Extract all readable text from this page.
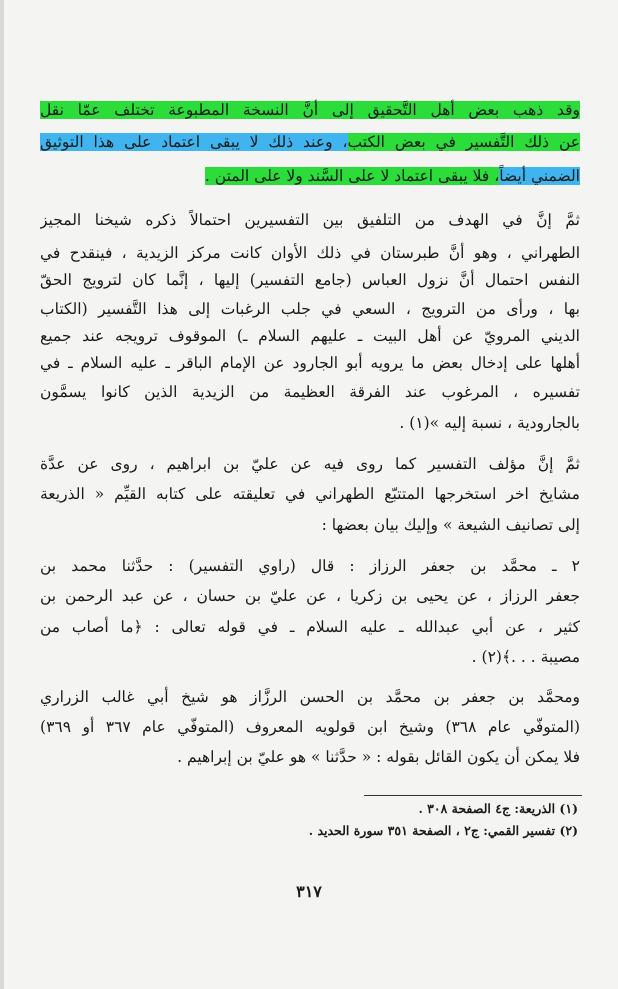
وقد ذهب بعض أهل التَّحقيق إلى أنَّ النسخة المطبوعة تختلف عمّا نقل
عن ذلك التَّفسير في بعض الكتب، وعند ذلك لا يبقى اعتماد على هذا التوثيق
الضمني أيضاً، فلا يبقى اعتماد لا على السَّند ولا على المتن .
ثمَّ إنَّ في الهدف من التلفيق بين التفسيرين احتمالاً ذكره شيخنا المجيز
الطهراني ، وهو أنَّ طبرستان في ذلك الأوان كانت مركز الزيدية ، فينقدح في
النفس احتمال أنَّ نزول العباس (جامع التفسير) إليها ، إنَّما كان لترويج الحقّ
بها ، ورأى من الترويج ، السعي في جلب الرغبات إلى هذا التَّفسير (الكتاب
الديني المرويّ عن أهل البيت ـ عليهم السلام ـ) الموقوف ترويجه عند جميع
أهلها على إدخال بعض ما يرويه أبو الجارود عن الإمام الباقر ـ عليه السلام ـ في
تفسيره ، المرغوب عند الفرقة العظيمة من الزيدية الذين كانوا يسمَّون
بالجارودية ، نسبة إليه »(١) .
ثمَّ إنَّ مؤلف التفسير كما روى فيه عن عليّ بن ابراهيم ، روى عن عدَّة
مشايخ اخر استخرجها المتتبّع الطهراني في تعليقته على كتابه القيِّم « الذريعة
إلى تصانيف الشيعة » وإليك بيان بعضها :
٢ ـ محمَّد بن جعفر الرزاز : قال (راوي التفسير) : حدَّثنا محمد بن
جعفر الرزاز ، عن يحيى بن زكريا ، عن عليّ بن حسان ، عن عبد الرحمن بن
كثير ، عن أبي عبدالله ـ عليه السلام ـ في قوله تعالى : ﴿ما أصاب من
مصيبة . . .﴾(٢) .
ومحمَّد بن جعفر بن محمَّد بن الحسن الرزَّاز هو شيخ أبي غالب الزراري
(المتوفّي عام ٣٦٨) وشيخ ابن قولويه المعروف (المتوفّي عام ٣٦٧ أو ٣٦٩)
فلا يمكن أن يكون القائل بقوله : « حدَّثنا » هو عليّ بن إبراهيم .
(١) الذريعة: ج٤ الصفحة ٣٠٨ .
(٢) تفسير القمي: ج٢ ، الصفحة ٣٥١ سورة الحديد .
٣١٧
